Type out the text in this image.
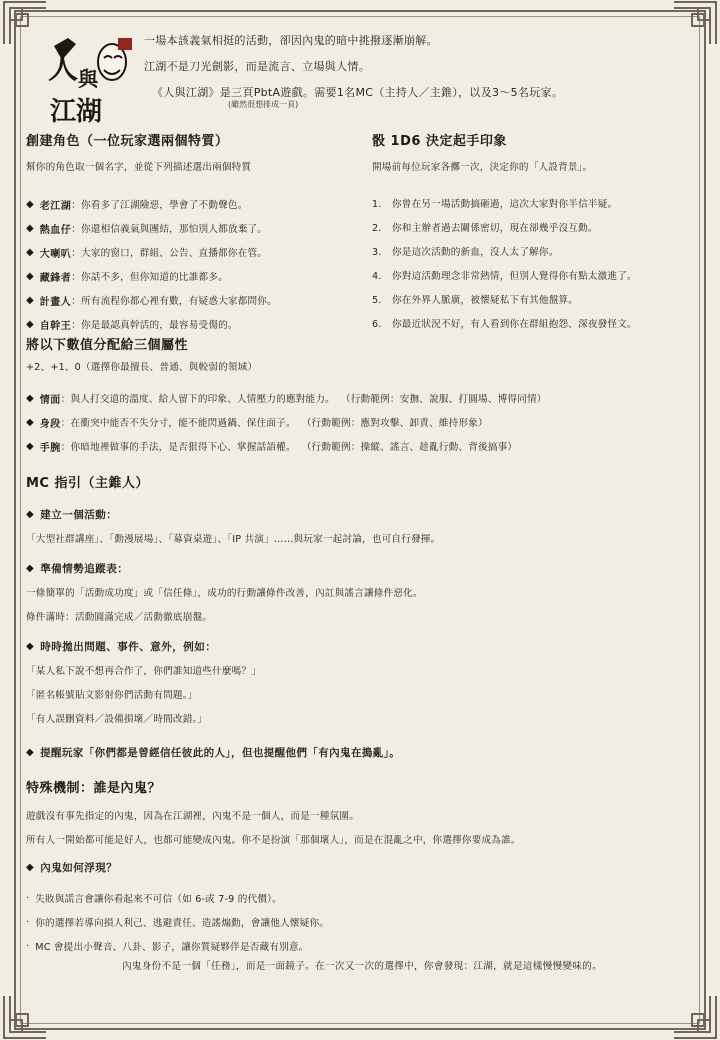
人 與
江湖

一場本該義氣相挺的活動，卻因內鬼的暗中挑撥逐漸崩解。

江湖不是刀光劍影，而是流言、立場與人情。

《人與江湖》是三頁PbtA遊戲。需要1名MC（主持人／主錐），以及3～5名玩家。

(雖然很想排成一頁)
創建角色（一位玩家選兩個特質）
幫你的角色取一個名字，並從下列描述選出兩個特質
◆ 老江湖 ：你看多了江湖險惡，學會了不動聲色。
◆ 熱血仔 ：你還相信義氣與團結，那怕別人都放棄了。
◆ 大喇叭 ：大家的窗口，群組、公告、直播都你在管。
◆ 藏鋒者 ：你話不多，但你知道的比誰都多。
◆ 計畫人 ：所有流程你都心裡有數，有疑惑大家都問你。
◆ 自幹王 ：你是最認真幹活的，最容易受傷的。
骰 1D6 決定起手印象
開場前每位玩家各擲一次，決定你的「人設背景」。
1.	你曾在另一場活動搞砸過，這次大家對你半信半疑。
2.	你和主辦者過去關係密切，現在卻幾乎沒互動。
3.	你是這次活動的新血，沒人太了解你。
4.	你對這活動理念非常熱情，但別人覺得你有點太激進了。
5.	你在外界人脈廣，被懷疑私下有其他盤算。
6.	你最近狀況不好，有人看到你在群組抱怨、深夜發怪文。
將以下數值分配給三個屬性
+2、+1、0（選擇你最擅長、普通、與較弱的領域）
◆ 情面 ：與人打交道的溫度、給人留下的印象、人情壓力的應對能力。 （行動範例：安撫、說服、打圓場、博得同情）
◆ 身段 ：在衝突中能否不失分寸，能不能閃過鍋、保住面子。 （行動範例：應對攻擊、卸責、維持形象）
◆ 手腕 ：你暗地裡做事的手法，是否狠得下心、掌握話語權。 （行動範例：操縱、謠言、趁亂行動、背後搞事）
MC 指引（主錐人）
◆ 建立一個活動：
「大型社群講座」、「動漫展場」、「募資桌遊」、「IP 共演」……與玩家一起討論，也可自行發揮。
◆ 準備情勢追蹤表：
一條簡單的「活動成功度」或「信任條」，成功的行動讓條件改善，內訌與謠言讓條件惡化。
條件滿時：活動圓滿完成／活動徹底崩盤。
◆ 時時拋出問題、事件、意外，例如：
「某人私下說不想再合作了，你們誰知道些什麼嗎？」
「匿名帳號貼文影射你們活動有問題。」
「有人誤刪資料／設備損壞／時間改錯。」
◆ 提醒玩家「你們都是曾經信任彼此的人」，但也提醒他們「有內鬼在搗亂」。
特殊機制：誰是內鬼？
遊戲沒有事先指定的內鬼，因為在江湖裡，內鬼不是一個人，而是一種氛圍。
所有人一開始都可能是好人，也都可能變成內鬼。你不是扮演「那個壞人」，而是在混亂之中，你選擇你要成為誰。
◆ 內鬼如何浮現？
· 失敗與謊言會讓你看起來不可信（如 6-或 7-9 的代價）。
· 你的選擇若導向損人利己、逃避責任、造謠煽動，會讓他人懷疑你。
· MC 會提出小聲音、八卦、影子，讓你質疑夥伴是否藏有別意。
內鬼身份不是一個「任務」，而是一面鏡子。在一次又一次的選擇中，你會發現：江湖，就是這樣慢慢變味的。
